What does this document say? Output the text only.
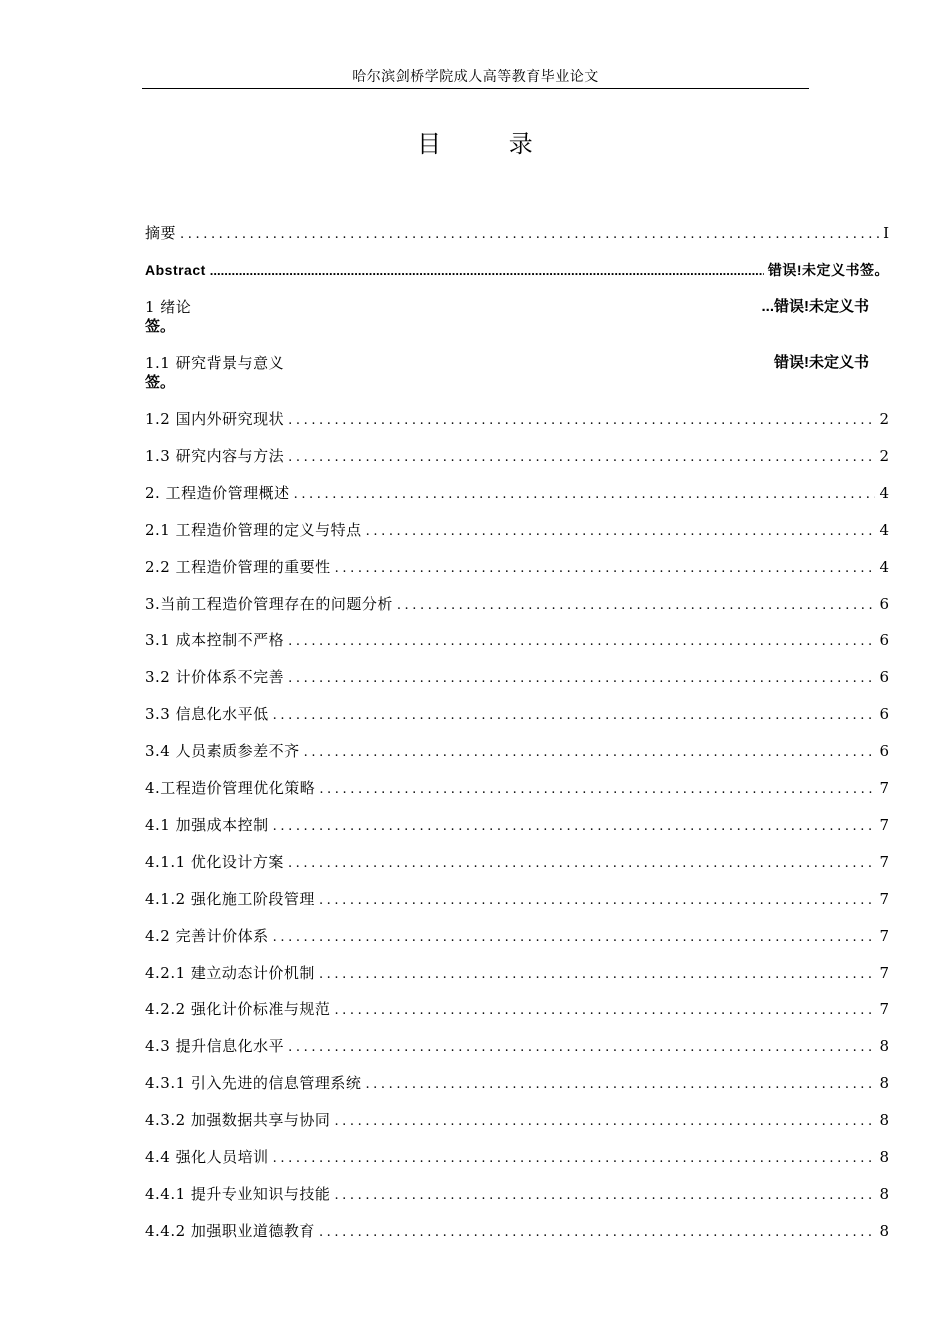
哈尔滨剑桥学院成人高等教育毕业论文
目 录
摘要 .....	I
Abstract .....	错误!未定义书签。
1 绪论	...错误!未定义书
签。
1.1 研究背景与意义	错误!未定义书
签。
1.2 国内外研究现状 .....	2
1.3 研究内容与方法 .....	2
2. 工程造价管理概述 .....	4
2.1 工程造价管理的定义与特点 .....	4
2.2 工程造价管理的重要性 .....	4
3.当前工程造价管理存在的问题分析 .....	6
3.1 成本控制不严格 .....	6
3.2 计价体系不完善 .....	6
3.3 信息化水平低 .....	6
3.4 人员素质参差不齐 .....	6
4.工程造价管理优化策略 .....	7
4.1 加强成本控制 .....	7
4.1.1 优化设计方案 .....	7
4.1.2 强化施工阶段管理 .....	7
4.2 完善计价体系 .....	7
4.2.1 建立动态计价机制 .....	7
4.2.2 强化计价标准与规范 .....	7
4.3 提升信息化水平 .....	8
4.3.1 引入先进的信息管理系统 .....	8
4.3.2 加强数据共享与协同 .....	8
4.4 强化人员培训 .....	8
4.4.1 提升专业知识与技能 .....	8
4.4.2 加强职业道德教育 .....	8
